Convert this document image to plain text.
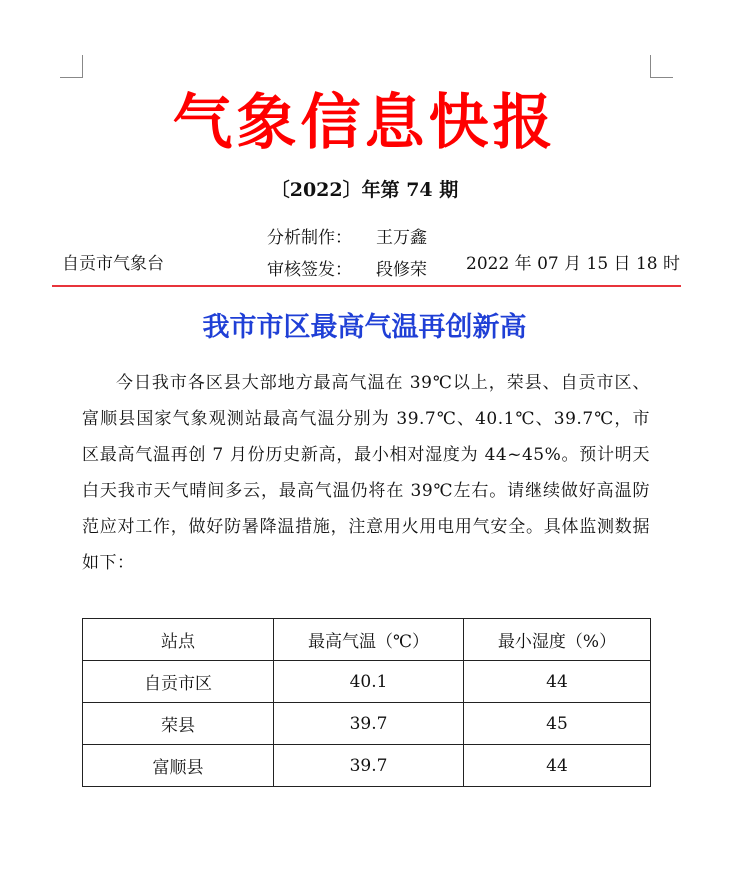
气象信息快报
〔2022〕年第 74 期
自贡市气象台
分析制作： 王万鑫
审核签发： 段修荣 2022 年 07 月 15 日 18 时
我市市区最高气温再创新高
今日我市各区县大部地方最高气温在 39℃以上，荣县、自贡市区、富顺县国家气象观测站最高气温分别为 39.7℃、40.1℃、39.7℃，市区最高气温再创 7 月份历史新高，最小相对湿度为 44~45%。预计明天白天我市天气晴间多云，最高气温仍将在 39℃左右。请继续做好高温防范应对工作，做好防暑降温措施，注意用火用电用气安全。具体监测数据如下：
站点	最高气温（℃）	最小湿度（%）
自贡市区	40.1	44
荣县	39.7	45
富顺县	39.7	44
